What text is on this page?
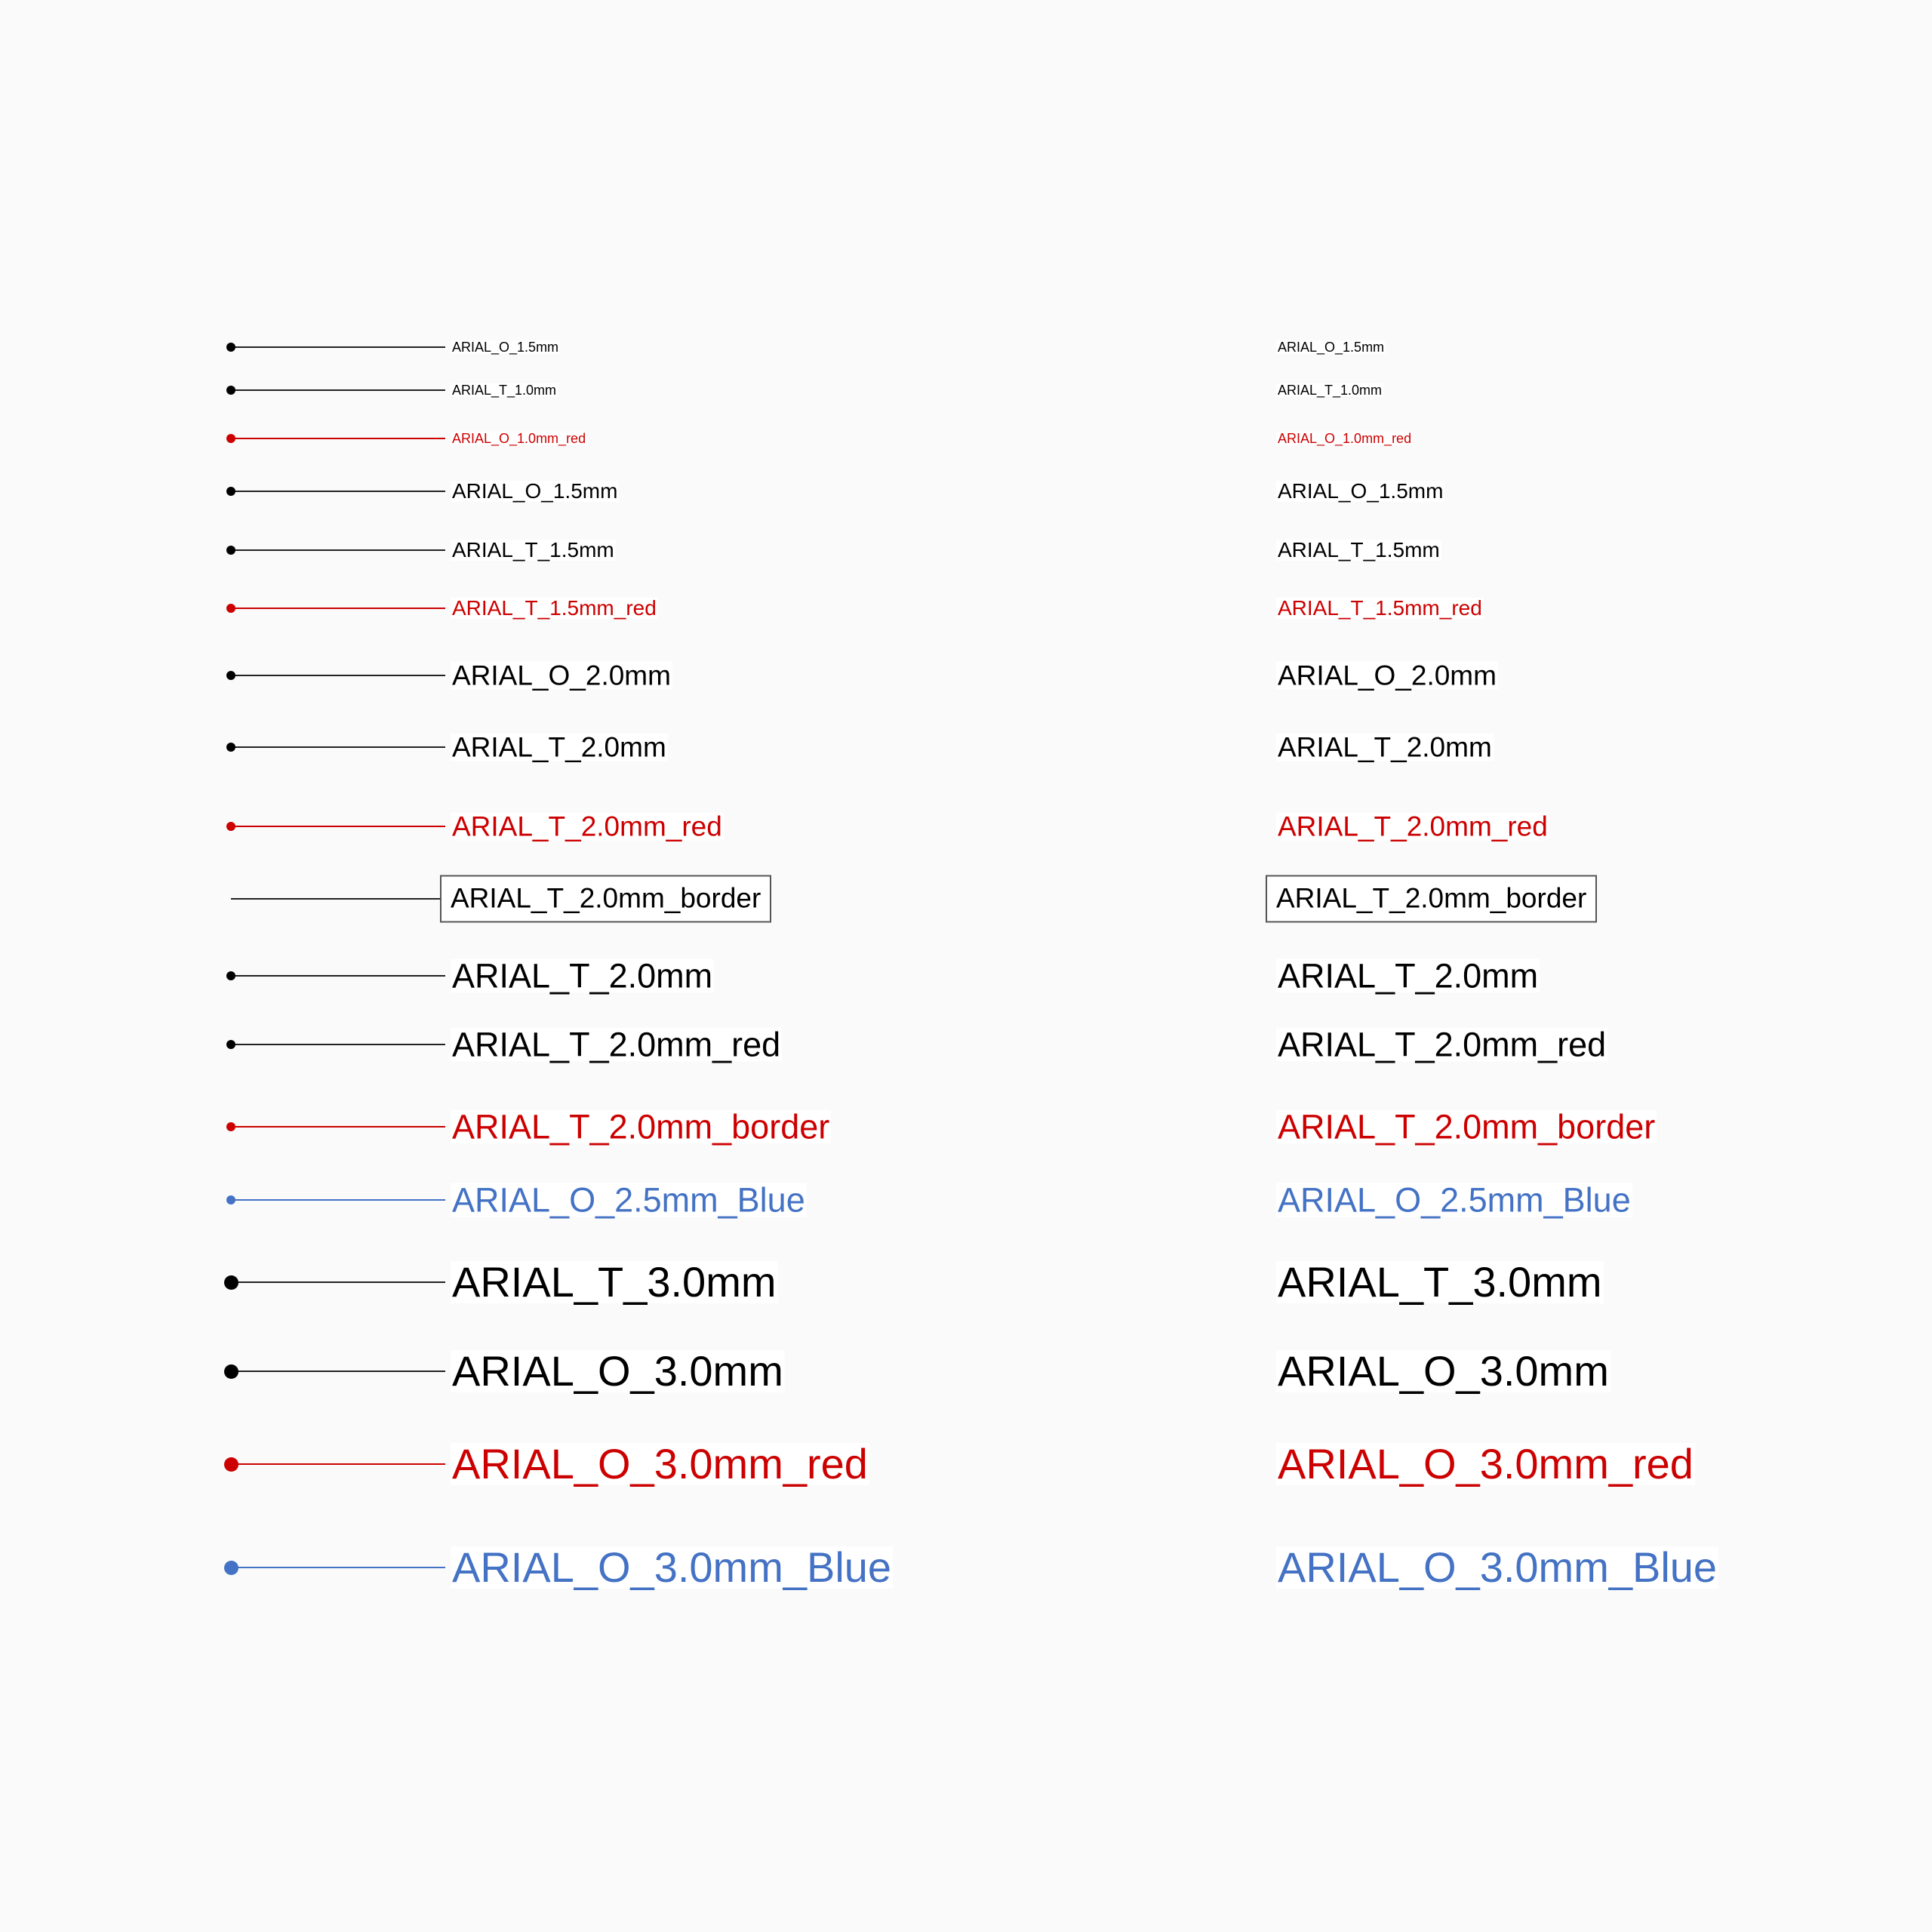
ARIAL_O_1.5mm	ARIAL_O_1.5mm
ARIAL_T_1.0mm	ARIAL_T_1.0mm
ARIAL_O_1.0mm_red	ARIAL_O_1.0mm_red
ARIAL_O_1.5mm	ARIAL_O_1.5mm
ARIAL_T_1.5mm	ARIAL_T_1.5mm
ARIAL_T_1.5mm_red	ARIAL_T_1.5mm_red
ARIAL_O_2.0mm	ARIAL_O_2.0mm
ARIAL_T_2.0mm	ARIAL_T_2.0mm
ARIAL_T_2.0mm_red	ARIAL_T_2.0mm_red
ARIAL_T_2.0mm_border	ARIAL_T_2.0mm_border
ARIAL_T_2.0mm	ARIAL_T_2.0mm
ARIAL_T_2.0mm_red	ARIAL_T_2.0mm_red
ARIAL_T_2.0mm_border	ARIAL_T_2.0mm_border
ARIAL_O_2.5mm_Blue	ARIAL_O_2.5mm_Blue
ARIAL_T_3.0mm	ARIAL_T_3.0mm
ARIAL_O_3.0mm	ARIAL_O_3.0mm
ARIAL_O_3.0mm_red	ARIAL_O_3.0mm_red
ARIAL_O_3.0mm_Blue	ARIAL_O_3.0mm_Blue
